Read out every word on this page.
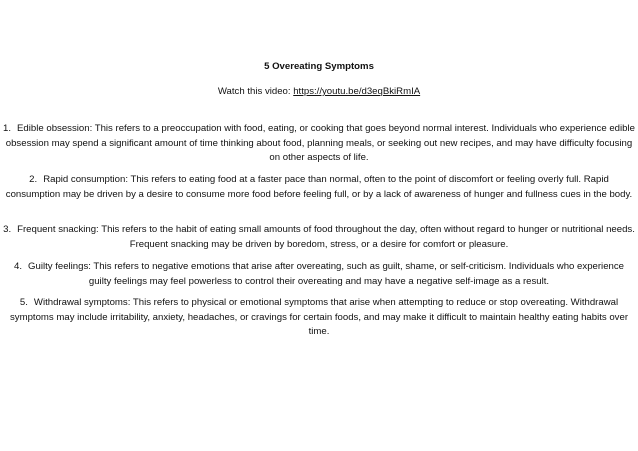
5 Overeating Symptoms
Watch this video: https://youtu.be/d3eqBkiRmIA

1. Edible obsession: This refers to a preoccupation with food, eating, or cooking that goes beyond normal interest. Individuals who experience edible obsession may spend a significant amount of time thinking about food, planning meals, or seeking out new recipes, and may have difficulty focusing on other aspects of life.

2. Rapid consumption: This refers to eating food at a faster pace than normal, often to the point of discomfort or feeling overly full. Rapid consumption may be driven by a desire to consume more food before feeling full, or by a lack of awareness of hunger and fullness cues in the body.

3. Frequent snacking: This refers to the habit of eating small amounts of food throughout the day, often without regard to hunger or nutritional needs. Frequent snacking may be driven by boredom, stress, or a desire for comfort or pleasure.

4. Guilty feelings: This refers to negative emotions that arise after overeating, such as guilt, shame, or self-criticism. Individuals who experience guilty feelings may feel powerless to control their overeating and may have a negative self-image as a result.

5. Withdrawal symptoms: This refers to physical or emotional symptoms that arise when attempting to reduce or stop overeating. Withdrawal symptoms may include irritability, anxiety, headaches, or cravings for certain foods, and may make it difficult to maintain healthy eating habits over time.
